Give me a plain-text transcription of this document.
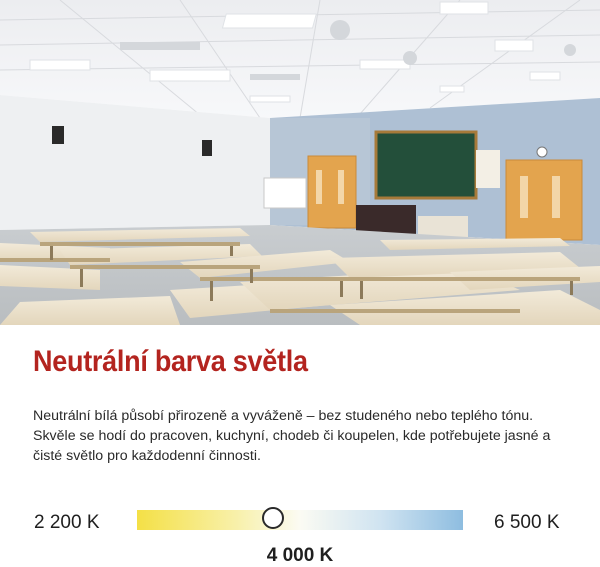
Neutrální barva světla

Neutrální bílá působí přirozeně a vyváženě – bez studeného nebo teplého tónu. Skvěle se hodí do pracoven, kuchyní, chodeb či koupelen, kde potřebujete jasné a čisté světlo pro každodenní činnosti.

2 200 K	6 500 K
4 000 K
